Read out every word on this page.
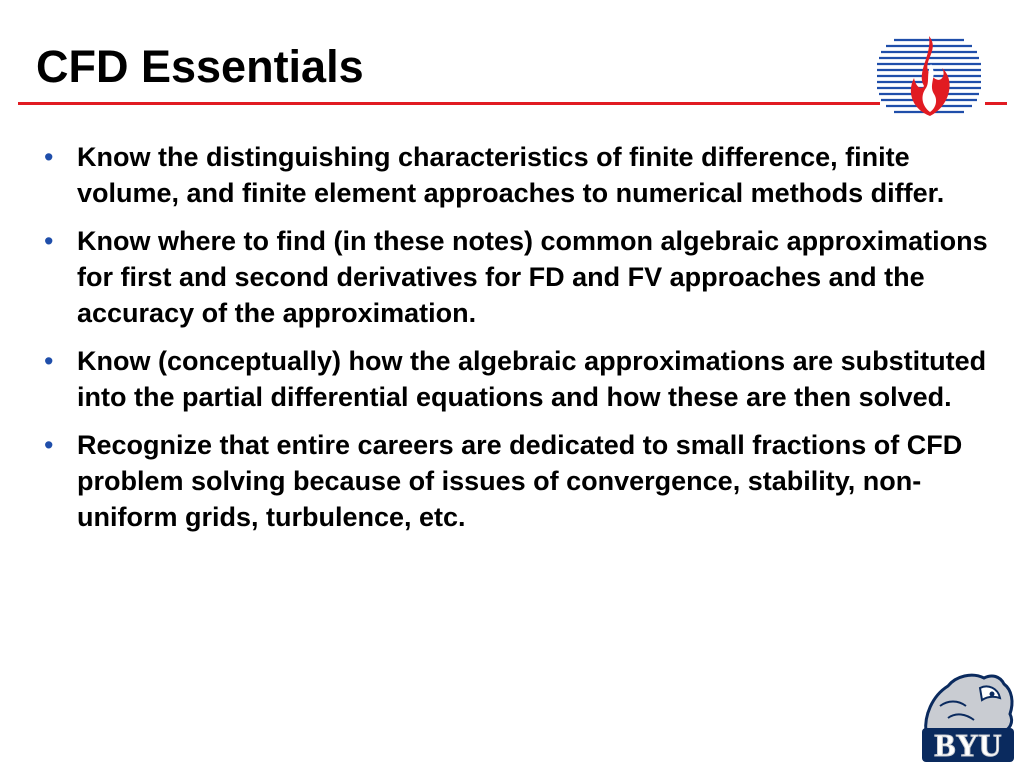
CFD Essentials
• Know the distinguishing characteristics of finite difference, finite volume, and finite element approaches to numerical methods differ.
• Know where to find (in these notes) common algebraic approximations for first and second derivatives for FD and FV approaches and the accuracy of the approximation.
• Know (conceptually) how the algebraic approximations are substituted into the partial differential equations and how these are then solved.
• Recognize that entire careers are dedicated to small fractions of CFD problem solving because of issues of convergence, stability, non-uniform grids, turbulence, etc.
BYU
